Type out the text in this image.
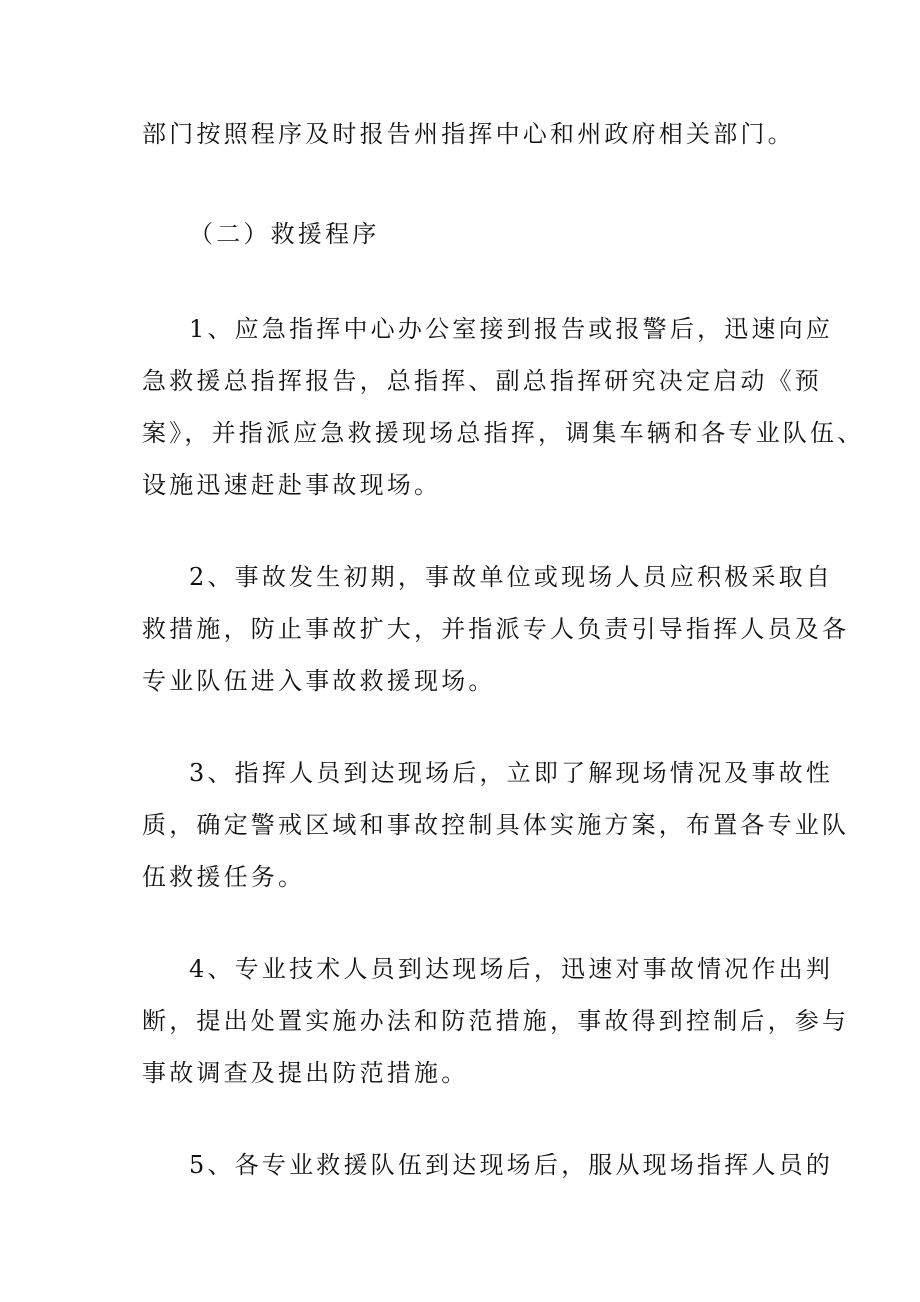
部门按照程序及时报告州指挥中心和州政府相关部门。
（二）救援程序
1、应急指挥中心办公室接到报告或报警后，迅速向应
急救援总指挥报告，总指挥、副总指挥研究决定启动《预
案》，并指派应急救援现场总指挥，调集车辆和各专业队伍、
设施迅速赶赴事故现场。
2、事故发生初期，事故单位或现场人员应积极采取自
救措施，防止事故扩大，并指派专人负责引导指挥人员及各
专业队伍进入事故救援现场。
3、指挥人员到达现场后，立即了解现场情况及事故性
质，确定警戒区域和事故控制具体实施方案，布置各专业队
伍救援任务。
4、专业技术人员到达现场后，迅速对事故情况作出判
断，提出处置实施办法和防范措施，事故得到控制后，参与
事故调查及提出防范措施。
5、各专业救援队伍到达现场后，服从现场指挥人员的
